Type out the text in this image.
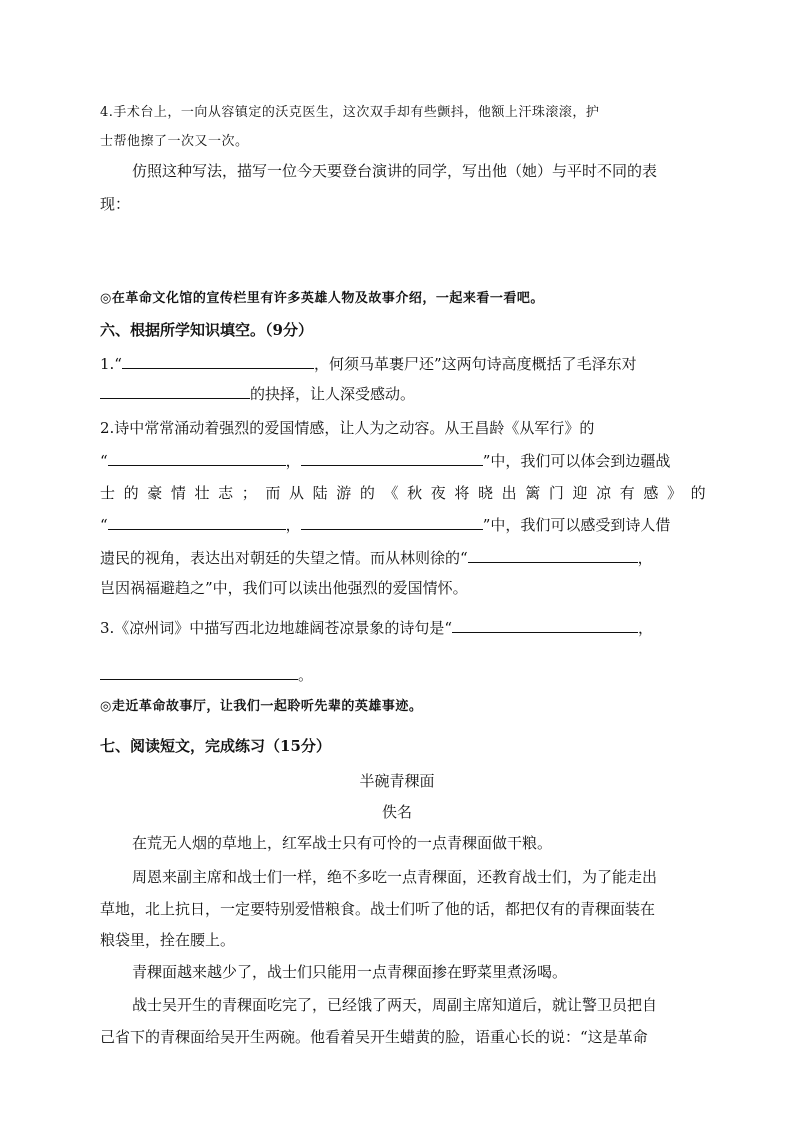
4.手术台上，一向从容镇定的沃克医生，这次双手却有些颤抖，他额上汗珠滚滚，护
士帮他擦了一次又一次。
仿照这种写法，描写一位今天要登台演讲的同学，写出他（她）与平时不同的表
现：
◎在革命文化馆的宣传栏里有许多英雄人物及故事介绍，一起来看一看吧。
六、根据所学知识填空。（9分）
1.“	，何须马革裹尸还”这两句诗高度概括了毛泽东对
的抉择，让人深受感动。
2.诗中常常涌动着强烈的爱国情感，让人为之动容。从王昌龄《从军行》的
“	，	”中，我们可以体会到边疆战
士 的 豪 情 壮 志 ； 而 从 陆 游 的 《 秋 夜 将 晓 出 篱 门 迎 凉 有 感 》 的
“	，	”中，我们可以感受到诗人借
遗民的视角，表达出对朝廷的失望之情。而从林则徐的“	，
岂因祸福避趋之”中，我们可以读出他强烈的爱国情怀。
3.《凉州词》中描写西北边地雄阔苍凉景象的诗句是“	，
。
◎走近革命故事厅，让我们一起聆听先辈的英雄事迹。
七、阅读短文，完成练习（15分）
半碗青稞面
佚名
在荒无人烟的草地上，红军战士只有可怜的一点青稞面做干粮。
周恩来副主席和战士们一样，绝不多吃一点青稞面，还教育战士们，为了能走出
草地，北上抗日，一定要特别爱惜粮食。战士们听了他的话，都把仅有的青稞面装在
粮袋里，拴在腰上。
青稞面越来越少了，战士们只能用一点青稞面掺在野菜里煮汤喝。
战士吴开生的青稞面吃完了，已经饿了两天，周副主席知道后，就让警卫员把自
己省下的青稞面给吴开生两碗。他看着吴开生蜡黄的脸，语重心长的说：“这是革命
